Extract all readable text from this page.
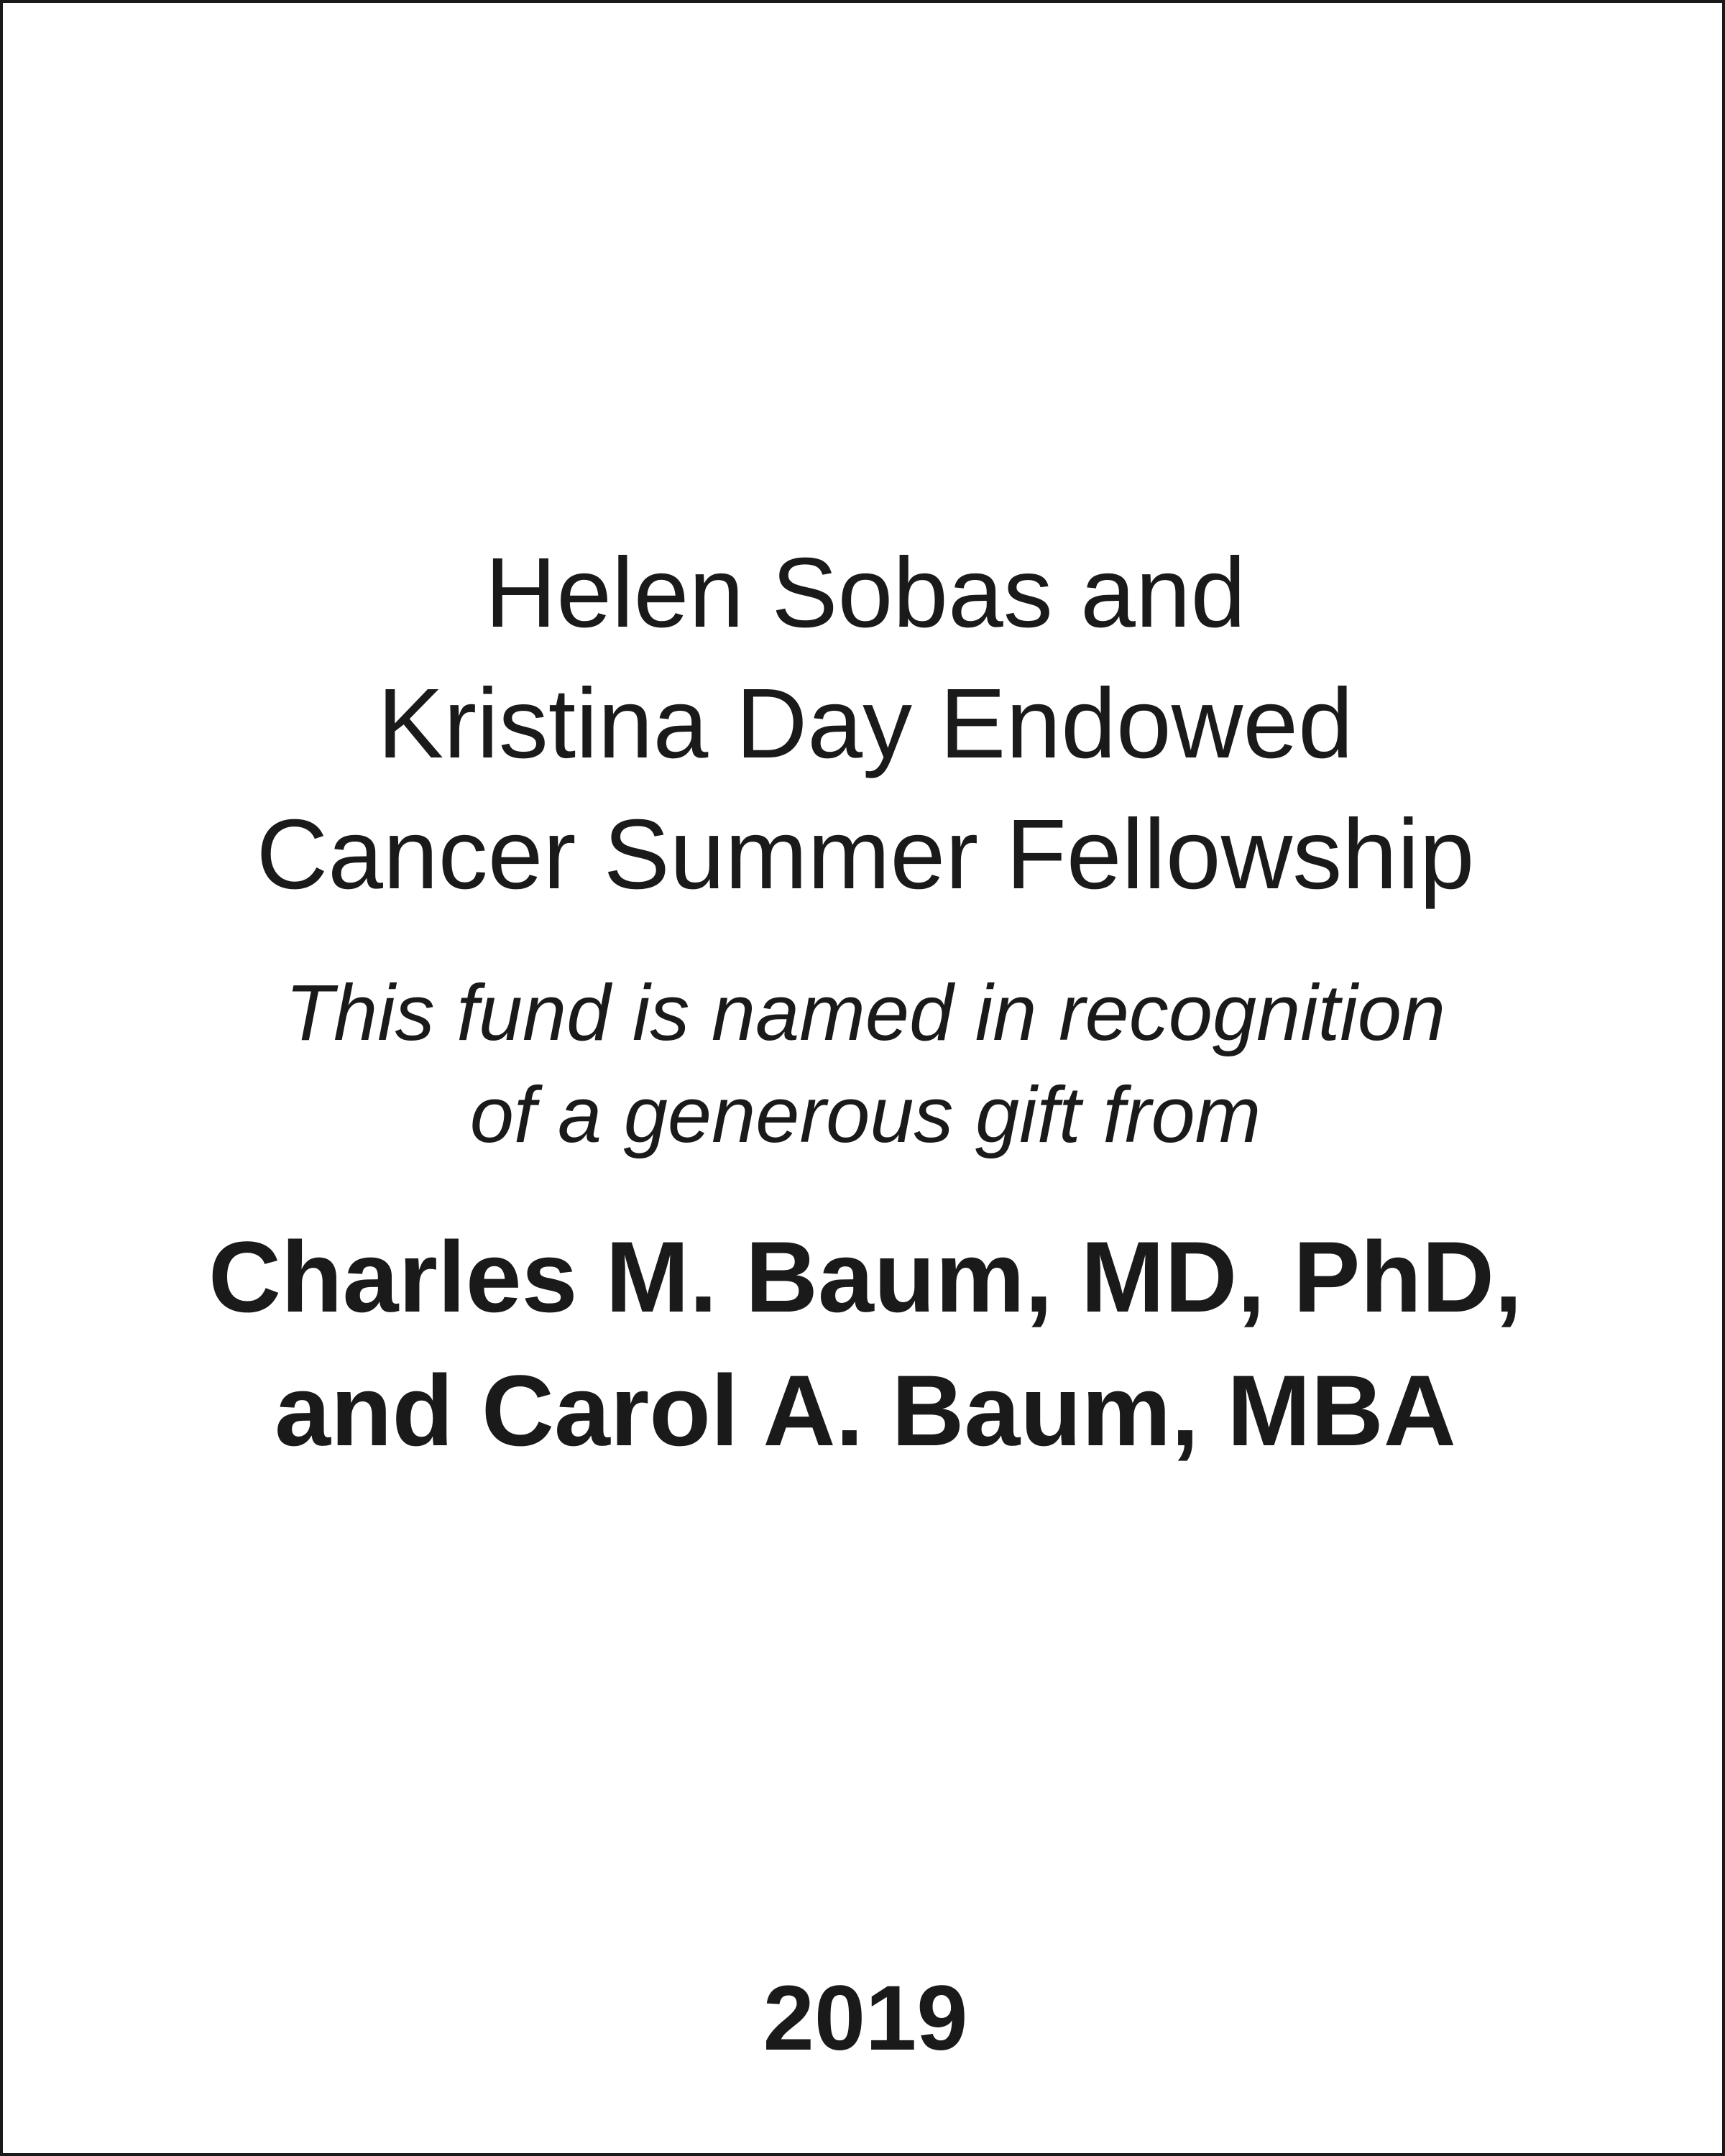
Helen Sobas and
Kristina Day Endowed
Cancer Summer Fellowship
This fund is named in recognition
of a generous gift from
Charles M. Baum, MD, PhD,
and Carol A. Baum, MBA
2019
